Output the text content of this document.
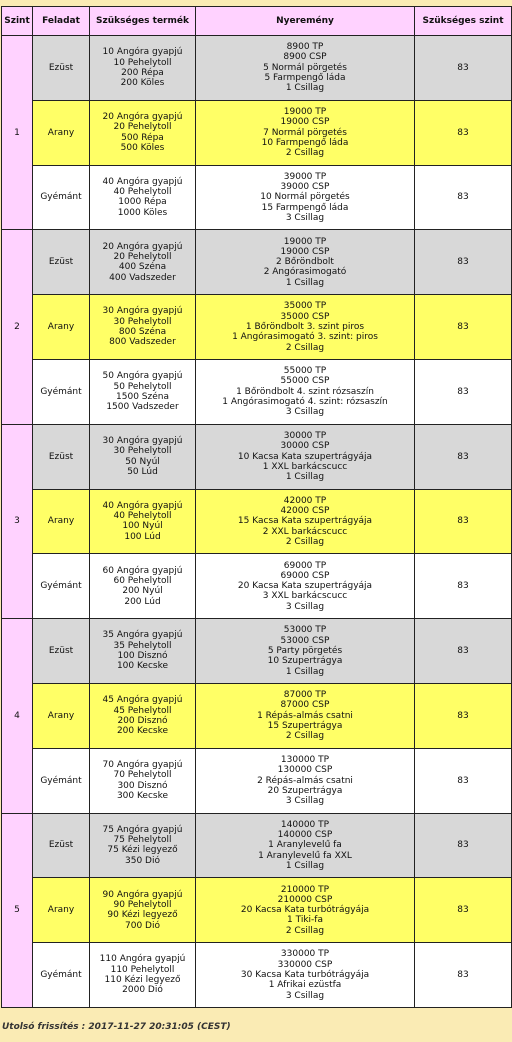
Szint	Feladat	Szükséges termék	Nyeremény	Szükséges szint
1	Ezüst	10 Angóra gyapjú
10 Pehelytoll
200 Répa
200 Köles	8900 TP
8900 CSP
5 Normál pörgetés
5 Farmpengő láda
1 Csillag	83
	Arany	20 Angóra gyapjú
20 Pehelytoll
500 Répa
500 Köles	19000 TP
19000 CSP
7 Normál pörgetés
10 Farmpengő láda
2 Csillag	83
	Gyémánt	40 Angóra gyapjú
40 Pehelytoll
1000 Répa
1000 Köles	39000 TP
39000 CSP
10 Normál pörgetés
15 Farmpengő láda
3 Csillag	83
2	Ezüst	20 Angóra gyapjú
20 Pehelytoll
400 Széna
400 Vadszeder	19000 TP
19000 CSP
2 Bőröndbolt
2 Angórasimogató
1 Csillag	83
	Arany	30 Angóra gyapjú
30 Pehelytoll
800 Széna
800 Vadszeder	35000 TP
35000 CSP
1 Bőröndbolt 3. szint piros
1 Angórasimogató 3. szint: piros
2 Csillag	83
	Gyémánt	50 Angóra gyapjú
50 Pehelytoll
1500 Széna
1500 Vadszeder	55000 TP
55000 CSP
1 Bőröndbolt 4. szint rózsaszín
1 Angórasimogató 4. szint: rózsaszín
3 Csillag	83
3	Ezüst	30 Angóra gyapjú
30 Pehelytoll
50 Nyúl
50 Lúd	30000 TP
30000 CSP
10 Kacsa Kata szupertrágyája
1 XXL barkácscucc
1 Csillag	83
	Arany	40 Angóra gyapjú
40 Pehelytoll
100 Nyúl
100 Lúd	42000 TP
42000 CSP
15 Kacsa Kata szupertrágyája
2 XXL barkácscucc
2 Csillag	83
	Gyémánt	60 Angóra gyapjú
60 Pehelytoll
200 Nyúl
200 Lúd	69000 TP
69000 CSP
20 Kacsa Kata szupertrágyája
3 XXL barkácscucc
3 Csillag	83
4	Ezüst	35 Angóra gyapjú
35 Pehelytoll
100 Disznó
100 Kecske	53000 TP
53000 CSP
5 Party pörgetés
10 Szupertrágya
1 Csillag	83
	Arany	45 Angóra gyapjú
45 Pehelytoll
200 Disznó
200 Kecske	87000 TP
87000 CSP
1 Répás-almás csatni
15 Szupertrágya
2 Csillag	83
	Gyémánt	70 Angóra gyapjú
70 Pehelytoll
300 Disznó
300 Kecske	130000 TP
130000 CSP
2 Répás-almás csatni
20 Szupertrágya
3 Csillag	83
5	Ezüst	75 Angóra gyapjú
75 Pehelytoll
75 Kézi legyező
350 Dió	140000 TP
140000 CSP
1 Aranylevelű fa
1 Aranylevelű fa XXL
1 Csillag	83
	Arany	90 Angóra gyapjú
90 Pehelytoll
90 Kézi legyező
700 Dió	210000 TP
210000 CSP
20 Kacsa Kata turbótrágyája
1 Tiki-fa
2 Csillag	83
	Gyémánt	110 Angóra gyapjú
110 Pehelytoll
110 Kézi legyező
2000 Dió	330000 TP
330000 CSP
30 Kacsa Kata turbótrágyája
1 Afrikai ezüstfa
3 Csillag	83
Utolsó frissítés : 2017-11-27 20:31:05 (CEST)
